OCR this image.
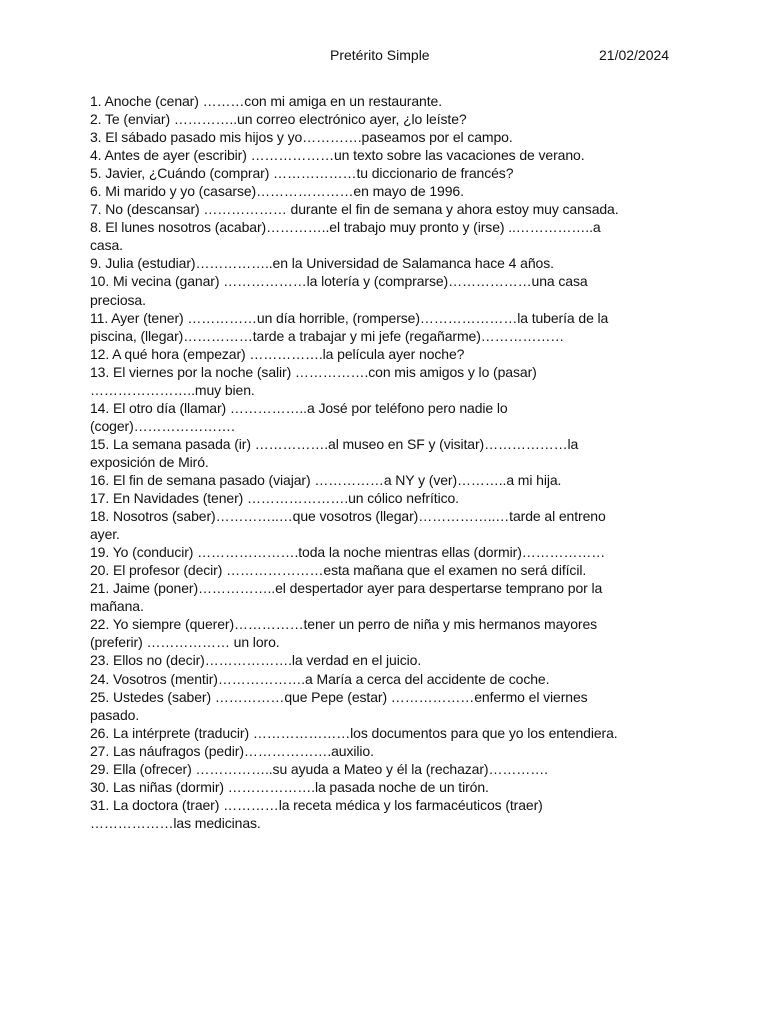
Pretérito Simple	21/02/2024
1. Anoche (cenar) ………con mi amiga en un restaurante.
2. Te (enviar) …………..un correo electrónico ayer, ¿lo leíste?
3. El sábado pasado mis hijos y yo………….paseamos por el campo.
4. Antes de ayer (escribir) ………………un texto sobre las vacaciones de verano.
5. Javier, ¿Cuándo (comprar) ………………tu diccionario de francés?
6. Mi marido y yo (casarse)…………………en mayo de 1996.
7. No (descansar) ……………… durante el fin de semana y ahora estoy muy cansada.
8. El lunes nosotros (acabar)…………..el trabajo muy pronto y (irse) ..……………..a
casa.
9. Julia (estudiar)……………..en la Universidad de Salamanca hace 4 años.
10. Mi vecina (ganar) ………………la lotería y (comprarse)………………una casa
preciosa.
11. Ayer (tener) ……………un día horrible, (romperse)…………………la tubería de la
piscina, (llegar)……………tarde a trabajar y mi jefe (regañarme)………………
12. A qué hora (empezar) …………….la película ayer noche?
13. El viernes por la noche (salir) …………….con mis amigos y lo (pasar)
…………………..muy bien.
14. El otro día (llamar) ……………..a José por teléfono pero nadie lo
(coger)………………….
15. La semana pasada (ir) …………….al museo en SF y (visitar)………………la
exposición de Miró.
16. El fin de semana pasado (viajar) ……………a NY y (ver)………..a mi hija.
17. En Navidades (tener) ………………….un cólico nefrítico.
18. Nosotros (saber)…………..…que vosotros (llegar)……………..…tarde al entreno
ayer.
19. Yo (conducir) ………………….toda la noche mientras ellas (dormir)………………
20. El profesor (decir) …………………esta mañana que el examen no será difícil.
21. Jaime (poner)……………..el despertador ayer para despertarse temprano por la
mañana.
22. Yo siempre (querer)……………tener un perro de niña y mis hermanos mayores
(preferir) ……………… un loro.
23. Ellos no (decir)……………….la verdad en el juicio.
24. Vosotros (mentir)……………….a María a cerca del accidente de coche.
25. Ustedes (saber) ……………que Pepe (estar) ………………enfermo el viernes
pasado.
26. La intérprete (traducir) …………………los documentos para que yo los entendiera.
27. Las náufragos (pedir)……………….auxilio.
29. Ella (ofrecer) ……………..su ayuda a Mateo y él la (rechazar)………….
30. Las niñas (dormir) ……………….la pasada noche de un tirón.
31. La doctora (traer) …………la receta médica y los farmacéuticos (traer)
………………las medicinas.
